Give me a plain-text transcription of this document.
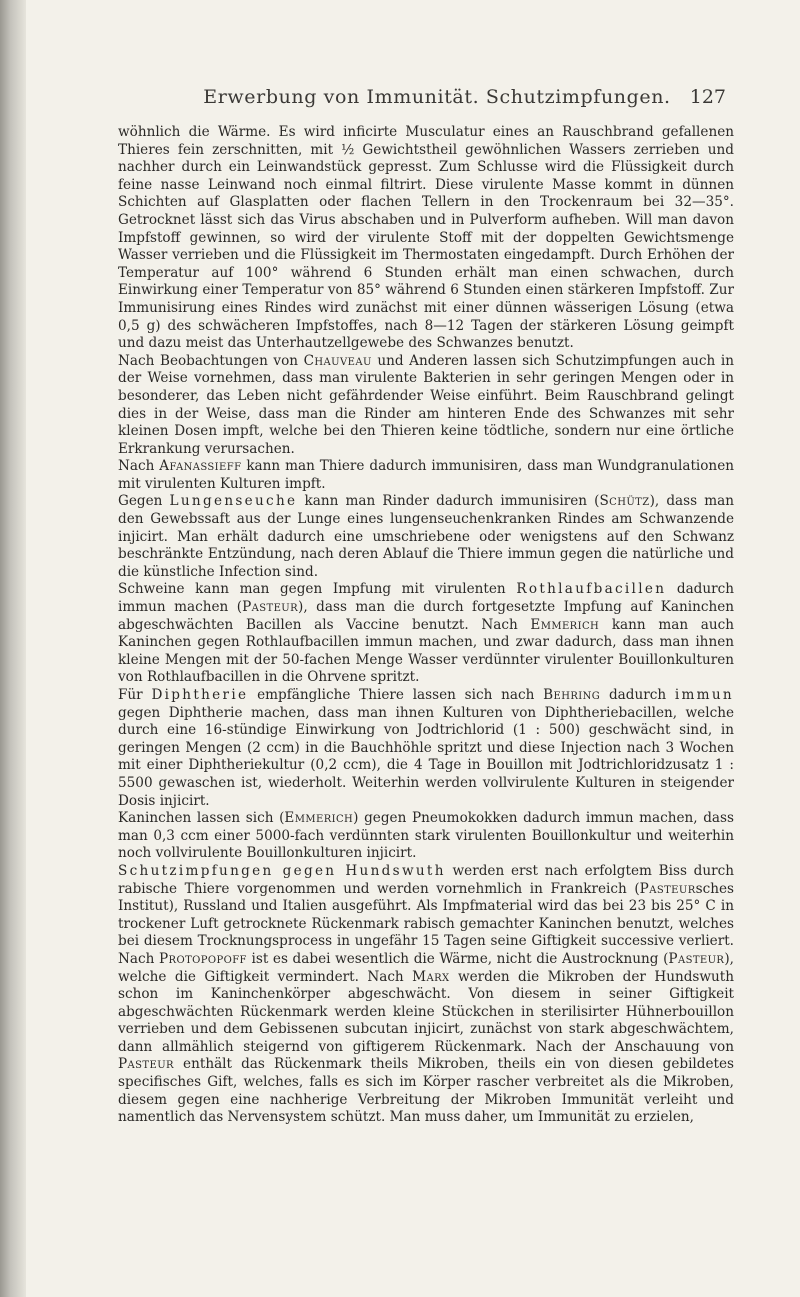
Erwerbung von Immunität. Schutzimpfungen.	127

wöhnlich die Wärme. Es wird inficirte Musculatur eines an Rauschbrand gefallenen Thieres fein zerschnitten, mit ½ Gewichtstheil gewöhnlichen Wassers zerrieben und nachher durch ein Leinwandstück gepresst. Zum Schlusse wird die Flüssigkeit durch feine nasse Leinwand noch einmal filtrirt. Diese virulente Masse kommt in dünnen Schichten auf Glasplatten oder flachen Tellern in den Trockenraum bei 32—35°. Getrocknet lässt sich das Virus abschaben und in Pulverform aufheben. Will man davon Impfstoff gewinnen, so wird der virulente Stoff mit der doppelten Gewichtsmenge Wasser verrieben und die Flüssigkeit im Thermostaten eingedampft. Durch Erhöhen der Temperatur auf 100° während 6 Stunden erhält man einen schwachen, durch Einwirkung einer Temperatur von 85° während 6 Stunden einen stärkeren Impfstoff. Zur Immunisirung eines Rindes wird zunächst mit einer dünnen wässerigen Lösung (etwa 0,5 g) des schwächeren Impfstoffes, nach 8—12 Tagen der stärkeren Lösung geimpft und dazu meist das Unterhautzellgewebe des Schwanzes benutzt.

Nach Beobachtungen von Chauveau und Anderen lassen sich Schutzimpfungen auch in der Weise vornehmen, dass man virulente Bakterien in sehr geringen Mengen oder in besonderer, das Leben nicht gefährdender Weise einführt. Beim Rauschbrand gelingt dies in der Weise, dass man die Rinder am hinteren Ende des Schwanzes mit sehr kleinen Dosen impft, welche bei den Thieren keine tödtliche, sondern nur eine örtliche Erkrankung verursachen.

Nach Afanassieff kann man Thiere dadurch immunisiren, dass man Wundgranulationen mit virulenten Kulturen impft.

Gegen Lungenseuche kann man Rinder dadurch immunisiren (Schütz), dass man den Gewebssaft aus der Lunge eines lungenseuchenkranken Rindes am Schwanzende injicirt. Man erhält dadurch eine umschriebene oder wenigstens auf den Schwanz beschränkte Entzündung, nach deren Ablauf die Thiere immun gegen die natürliche und die künstliche Infection sind.

Schweine kann man gegen Impfung mit virulenten Rothlaufbacillen dadurch immun machen (Pasteur), dass man die durch fortgesetzte Impfung auf Kaninchen abgeschwächten Bacillen als Vaccine benutzt. Nach Emmerich kann man auch Kaninchen gegen Rothlaufbacillen immun machen, und zwar dadurch, dass man ihnen kleine Mengen mit der 50-fachen Menge Wasser verdünnter virulenter Bouillonkulturen von Rothlaufbacillen in die Ohrvene spritzt.

Für Diphtherie empfängliche Thiere lassen sich nach Behring dadurch immun gegen Diphtherie machen, dass man ihnen Kulturen von Diphtheriebacillen, welche durch eine 16-stündige Einwirkung von Jodtrichlorid (1 : 500) geschwächt sind, in geringen Mengen (2 ccm) in die Bauchhöhle spritzt und diese Injection nach 3 Wochen mit einer Diphtheriekultur (0,2 ccm), die 4 Tage in Bouillon mit Jodtrichloridzusatz 1 : 5500 gewaschen ist, wiederholt. Weiterhin werden vollvirulente Kulturen in steigender Dosis injicirt.

Kaninchen lassen sich (Emmerich) gegen Pneumokokken dadurch immun machen, dass man 0,3 ccm einer 5000-fach verdünnten stark virulenten Bouillonkultur und weiterhin noch vollvirulente Bouillonkulturen injicirt.

Schutzimpfungen gegen Hundswuth werden erst nach erfolgtem Biss durch rabische Thiere vorgenommen und werden vornehmlich in Frankreich (Pasteursches Institut), Russland und Italien ausgeführt. Als Impfmaterial wird das bei 23 bis 25° C in trockener Luft getrocknete Rückenmark rabisch gemachter Kaninchen benutzt, welches bei diesem Trocknungsprocess in ungefähr 15 Tagen seine Giftigkeit successive verliert. Nach Protopopoff ist es dabei wesentlich die Wärme, nicht die Austrocknung (Pasteur), welche die Giftigkeit vermindert. Nach Marx werden die Mikroben der Hundswuth schon im Kaninchenkörper abgeschwächt. Von diesem in seiner Giftigkeit abgeschwächten Rückenmark werden kleine Stückchen in sterilisirter Hühnerbouillon verrieben und dem Gebissenen subcutan injicirt, zunächst von stark abgeschwächtem, dann allmählich steigernd von giftigerem Rückenmark. Nach der Anschauung von Pasteur enthält das Rückenmark theils Mikroben, theils ein von diesen gebildetes specifisches Gift, welches, falls es sich im Körper rascher verbreitet als die Mikroben, diesem gegen eine nachherige Verbreitung der Mikroben Immunität verleiht und namentlich das Nervensystem schützt. Man muss daher, um Immunität zu erzielen,
